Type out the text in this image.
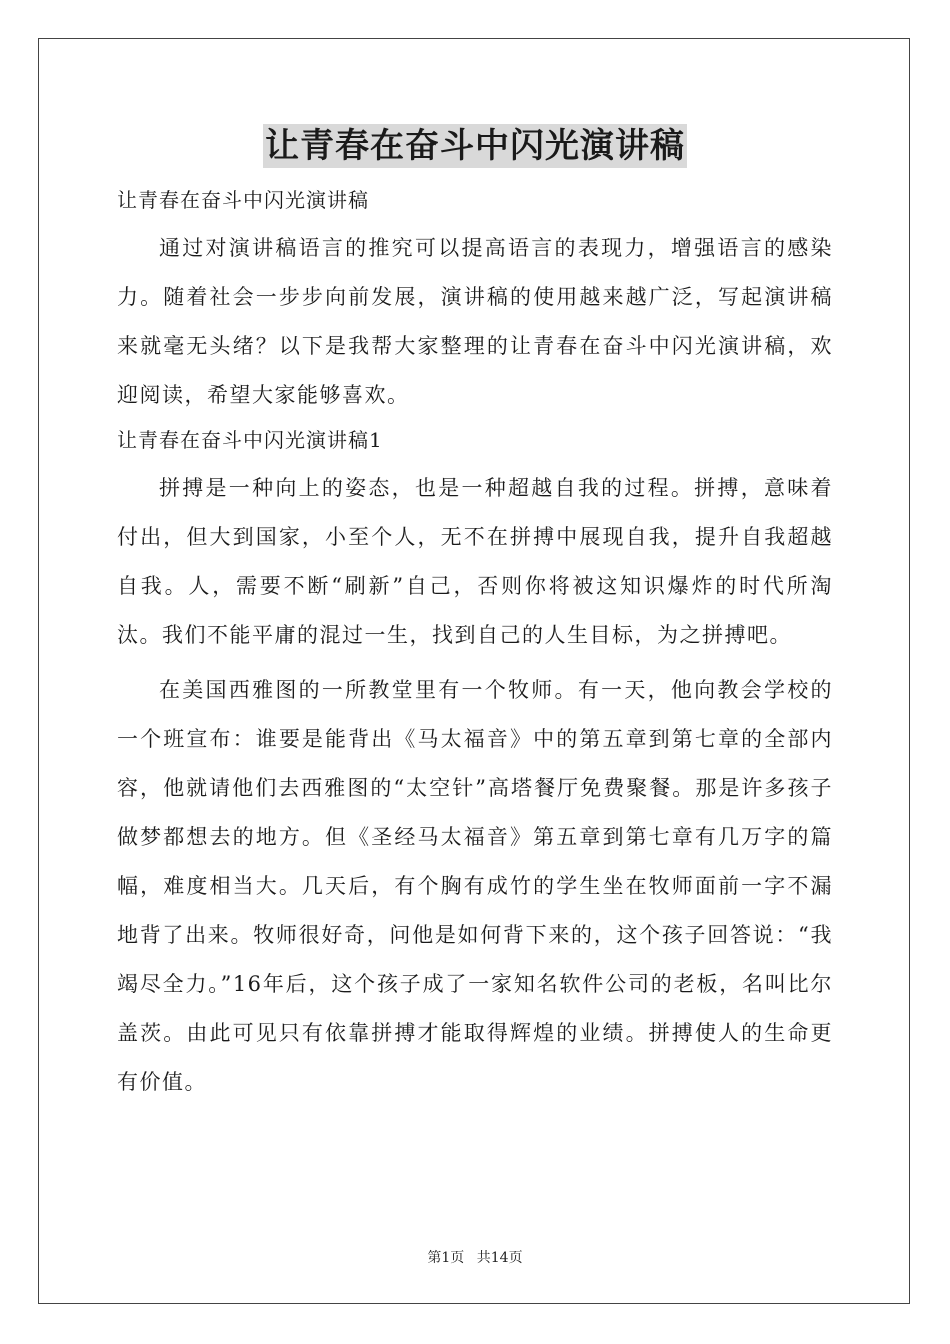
让青春在奋斗中闪光演讲稿

让青春在奋斗中闪光演讲稿

通过对演讲稿语言的推究可以提高语言的表现力，增强语言的感染力。随着社会一步步向前发展，演讲稿的使用越来越广泛，写起演讲稿来就毫无头绪？以下是我帮大家整理的让青春在奋斗中闪光演讲稿，欢迎阅读，希望大家能够喜欢。

让青春在奋斗中闪光演讲稿1

拼搏是一种向上的姿态，也是一种超越自我的过程。拼搏，意味着付出，但大到国家，小至个人，无不在拼搏中展现自我，提升自我超越自我。人，需要不断“刷新”自己，否则你将被这知识爆炸的时代所淘汰。我们不能平庸的混过一生，找到自己的人生目标，为之拼搏吧。

在美国西雅图的一所教堂里有一个牧师。有一天，他向教会学校的一个班宣布：谁要是能背出《马太福音》中的第五章到第七章的全部内容，他就请他们去西雅图的“太空针”高塔餐厅免费聚餐。那是许多孩子做梦都想去的地方。但《圣经马太福音》第五章到第七章有几万字的篇幅，难度相当大。几天后，有个胸有成竹的学生坐在牧师面前一字不漏地背了出来。牧师很好奇，问他是如何背下来的，这个孩子回答说：“我竭尽全力。”16年后，这个孩子成了一家知名软件公司的老板，名叫比尔盖茨。由此可见只有依靠拼搏才能取得辉煌的业绩。拼搏使人的生命更有价值。

第1页 共14页
